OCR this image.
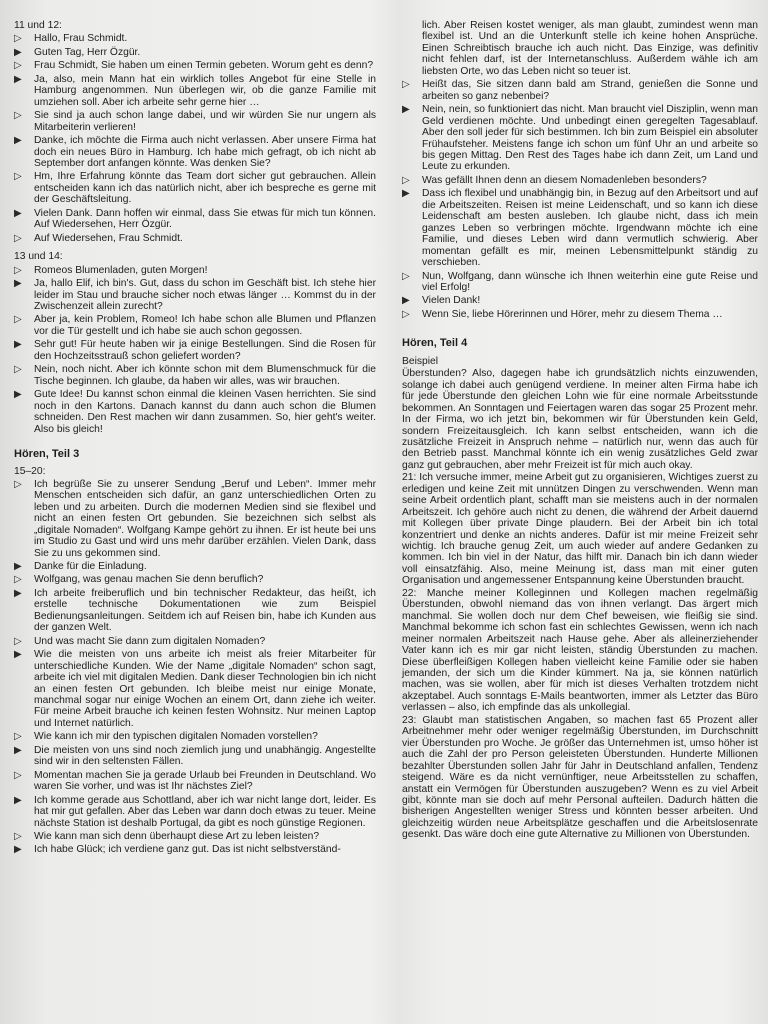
11 und 12:
▷
Hallo, Frau Schmidt.
▶
Guten Tag, Herr Özgür.
▷
Frau Schmidt, Sie haben um einen Termin gebeten. Worum geht es denn?
▶
Ja, also, mein Mann hat ein wirklich tolles Angebot für eine Stelle in Hamburg angenommen. Nun überlegen wir, ob die ganze Familie mit umziehen soll. Aber ich arbeite sehr gerne hier …
▷
Sie sind ja auch schon lange dabei, und wir würden Sie nur ungern als Mitarbeiterin verlieren!
▶
Danke, ich möchte die Firma auch nicht verlassen. Aber unsere Firma hat doch ein neues Büro in Hamburg. Ich habe mich gefragt, ob ich nicht ab September dort anfangen könnte. Was denken Sie?
▷
Hm, Ihre Erfahrung könnte das Team dort sicher gut gebrauchen. Allein entscheiden kann ich das natürlich nicht, aber ich bespreche es gerne mit der Geschäftsleitung.
▶
Vielen Dank. Dann hoffen wir einmal, dass Sie etwas für mich tun können. Auf Wiedersehen, Herr Özgür.
▷
Auf Wiedersehen, Frau Schmidt.
13 und 14:
▷
Romeos Blumenladen, guten Morgen!
▶
Ja, hallo Elif, ich bin's. Gut, dass du schon im Geschäft bist. Ich stehe hier leider im Stau und brauche sicher noch etwas länger … Kommst du in der Zwischenzeit allein zurecht?
▷
Aber ja, kein Problem, Romeo! Ich habe schon alle Blumen und Pflanzen vor die Tür gestellt und ich habe sie auch schon gegossen.
▶
Sehr gut! Für heute haben wir ja einige Bestellungen. Sind die Rosen für den Hochzeitsstrauß schon geliefert worden?
▷
Nein, noch nicht. Aber ich könnte schon mit dem Blumenschmuck für die Tische beginnen. Ich glaube, da haben wir alles, was wir brauchen.
▶
Gute Idee! Du kannst schon einmal die kleinen Vasen herrichten. Sie sind noch in den Kartons. Danach kannst du dann auch schon die Blumen schneiden. Den Rest machen wir dann zusammen. So, hier geht's weiter. Also bis gleich!
Hören, Teil 3
15–20:
▷
Ich begrüße Sie zu unserer Sendung „Beruf und Leben“. Immer mehr Menschen entscheiden sich dafür, an ganz unterschiedlichen Orten zu leben und zu arbeiten. Durch die modernen Medien sind sie flexibel und nicht an einen festen Ort gebunden. Sie bezeichnen sich selbst als „digitale Nomaden“. Wolfgang Kampe gehört zu ihnen. Er ist heute bei uns im Studio zu Gast und wird uns mehr darüber erzählen. Vielen Dank, dass Sie zu uns gekommen sind.
▶
Danke für die Einladung.
▷
Wolfgang, was genau machen Sie denn beruflich?
▶
Ich arbeite freiberuflich und bin technischer Redakteur, das heißt, ich erstelle technische Dokumentationen wie zum Beispiel Bedienungsanleitungen. Seitdem ich auf Reisen bin, habe ich Kunden aus der ganzen Welt.
▷
Und was macht Sie dann zum digitalen Nomaden?
▶
Wie die meisten von uns arbeite ich meist als freier Mitarbeiter für unterschiedliche Kunden. Wie der Name „digitale Nomaden“ schon sagt, arbeite ich viel mit digitalen Medien. Dank dieser Technologien bin ich nicht an einen festen Ort gebunden. Ich bleibe meist nur einige Monate, manchmal sogar nur einige Wochen an einem Ort, dann ziehe ich weiter. Für meine Arbeit brauche ich keinen festen Wohnsitz. Nur meinen Laptop und Internet natürlich.
▷
Wie kann ich mir den typischen digitalen Nomaden vorstellen?
▶
Die meisten von uns sind noch ziemlich jung und unabhängig. Angestellte sind wir in den seltensten Fällen.
▷
Momentan machen Sie ja gerade Urlaub bei Freunden in Deutschland. Wo waren Sie vorher, und was ist Ihr nächstes Ziel?
▶
Ich komme gerade aus Schottland, aber ich war nicht lange dort, leider. Es hat mir gut gefallen. Aber das Leben war dann doch etwas zu teuer. Meine nächste Station ist deshalb Portugal, da gibt es noch günstige Regionen.
▷
Wie kann man sich denn überhaupt diese Art zu leben leisten?
▶
Ich habe Glück; ich verdiene ganz gut. Das ist nicht selbstverständ-
lich. Aber Reisen kostet weniger, als man glaubt, zumindest wenn man flexibel ist. Und an die Unterkunft stelle ich keine hohen Ansprüche. Einen Schreibtisch brauche ich auch nicht. Das Einzige, was definitiv nicht fehlen darf, ist der Internetanschluss. Außerdem wähle ich am liebsten Orte, wo das Leben nicht so teuer ist.
▷
Heißt das, Sie sitzen dann bald am Strand, genießen die Sonne und arbeiten so ganz nebenbei?
▶
Nein, nein, so funktioniert das nicht. Man braucht viel Disziplin, wenn man Geld verdienen möchte. Und unbedingt einen geregelten Tagesablauf. Aber den soll jeder für sich bestimmen. Ich bin zum Beispiel ein absoluter Frühaufsteher. Meistens fange ich schon um fünf Uhr an und arbeite so bis gegen Mittag. Den Rest des Tages habe ich dann Zeit, um Land und Leute zu erkunden.
▷
Was gefällt Ihnen denn an diesem Nomadenleben besonders?
▶
Dass ich flexibel und unabhängig bin, in Bezug auf den Arbeitsort und auf die Arbeitszeiten. Reisen ist meine Leidenschaft, und so kann ich diese Leidenschaft am besten ausleben. Ich glaube nicht, dass ich mein ganzes Leben so verbringen möchte. Irgendwann möchte ich eine Familie, und dieses Leben wird dann vermutlich schwierig. Aber momentan gefällt es mir, meinen Lebensmittelpunkt ständig zu verschieben.
▷
Nun, Wolfgang, dann wünsche ich Ihnen weiterhin eine gute Reise und viel Erfolg!
▶
Vielen Dank!
▷
Wenn Sie, liebe Hörerinnen und Hörer, mehr zu diesem Thema …
Hören, Teil 4
Beispiel
Überstunden? Also, dagegen habe ich grundsätzlich nichts einzuwenden, solange ich dabei auch genügend verdiene. In meiner alten Firma habe ich für jede Überstunde den gleichen Lohn wie für eine normale Arbeitsstunde bekommen. An Sonntagen und Feiertagen waren das sogar 25 Prozent mehr. In der Firma, wo ich jetzt bin, bekommen wir für Überstunden kein Geld, sondern Freizeitausgleich. Ich kann selbst entscheiden, wann ich die zusätzliche Freizeit in Anspruch nehme – natürlich nur, wenn das auch für den Betrieb passt. Manchmal könnte ich ein wenig zusätzliches Geld zwar ganz gut gebrauchen, aber mehr Freizeit ist für mich auch okay.
21: Ich versuche immer, meine Arbeit gut zu organisieren, Wichtiges zuerst zu erledigen und keine Zeit mit unnützen Dingen zu verschwenden. Wenn man seine Arbeit ordentlich plant, schafft man sie meistens auch in der normalen Arbeitszeit. Ich gehöre auch nicht zu denen, die während der Arbeit dauernd mit Kollegen über private Dinge plaudern. Bei der Arbeit bin ich total konzentriert und denke an nichts anderes. Dafür ist mir meine Freizeit sehr wichtig. Ich brauche genug Zeit, um auch wieder auf andere Gedanken zu kommen. Ich bin viel in der Natur, das hilft mir. Danach bin ich dann wieder voll einsatzfähig. Also, meine Meinung ist, dass man mit einer guten Organisation und angemessener Entspannung keine Überstunden braucht.
22: Manche meiner Kolleginnen und Kollegen machen regelmäßig Überstunden, obwohl niemand das von ihnen verlangt. Das ärgert mich manchmal. Sie wollen doch nur dem Chef beweisen, wie fleißig sie sind. Manchmal bekomme ich schon fast ein schlechtes Gewissen, wenn ich nach meiner normalen Arbeitszeit nach Hause gehe. Aber als alleinerziehender Vater kann ich es mir gar nicht leisten, ständig Überstunden zu machen. Diese überfleißigen Kollegen haben vielleicht keine Familie oder sie haben jemanden, der sich um die Kinder kümmert. Na ja, sie können natürlich machen, was sie wollen, aber für mich ist dieses Verhalten trotzdem nicht akzeptabel. Auch sonntags E-Mails beantworten, immer als Letzter das Büro verlassen – also, ich empfinde das als unkollegial.
23: Glaubt man statistischen Angaben, so machen fast 65 Prozent aller Arbeitnehmer mehr oder weniger regelmäßig Überstunden, im Durchschnitt vier Überstunden pro Woche. Je größer das Unternehmen ist, umso höher ist auch die Zahl der pro Person geleisteten Überstunden. Hunderte Millionen bezahlter Überstunden sollen Jahr für Jahr in Deutschland anfallen, Tendenz steigend. Wäre es da nicht vernünftiger, neue Arbeitsstellen zu schaffen, anstatt ein Vermögen für Überstunden auszugeben? Wenn es zu viel Arbeit gibt, könnte man sie doch auf mehr Personal aufteilen. Dadurch hätten die bisherigen Angestellten weniger Stress und könnten besser arbeiten. Und gleichzeitig würden neue Arbeitsplätze geschaffen und die Arbeitslosenrate gesenkt. Das wäre doch eine gute Alternative zu Millionen von Überstunden.
